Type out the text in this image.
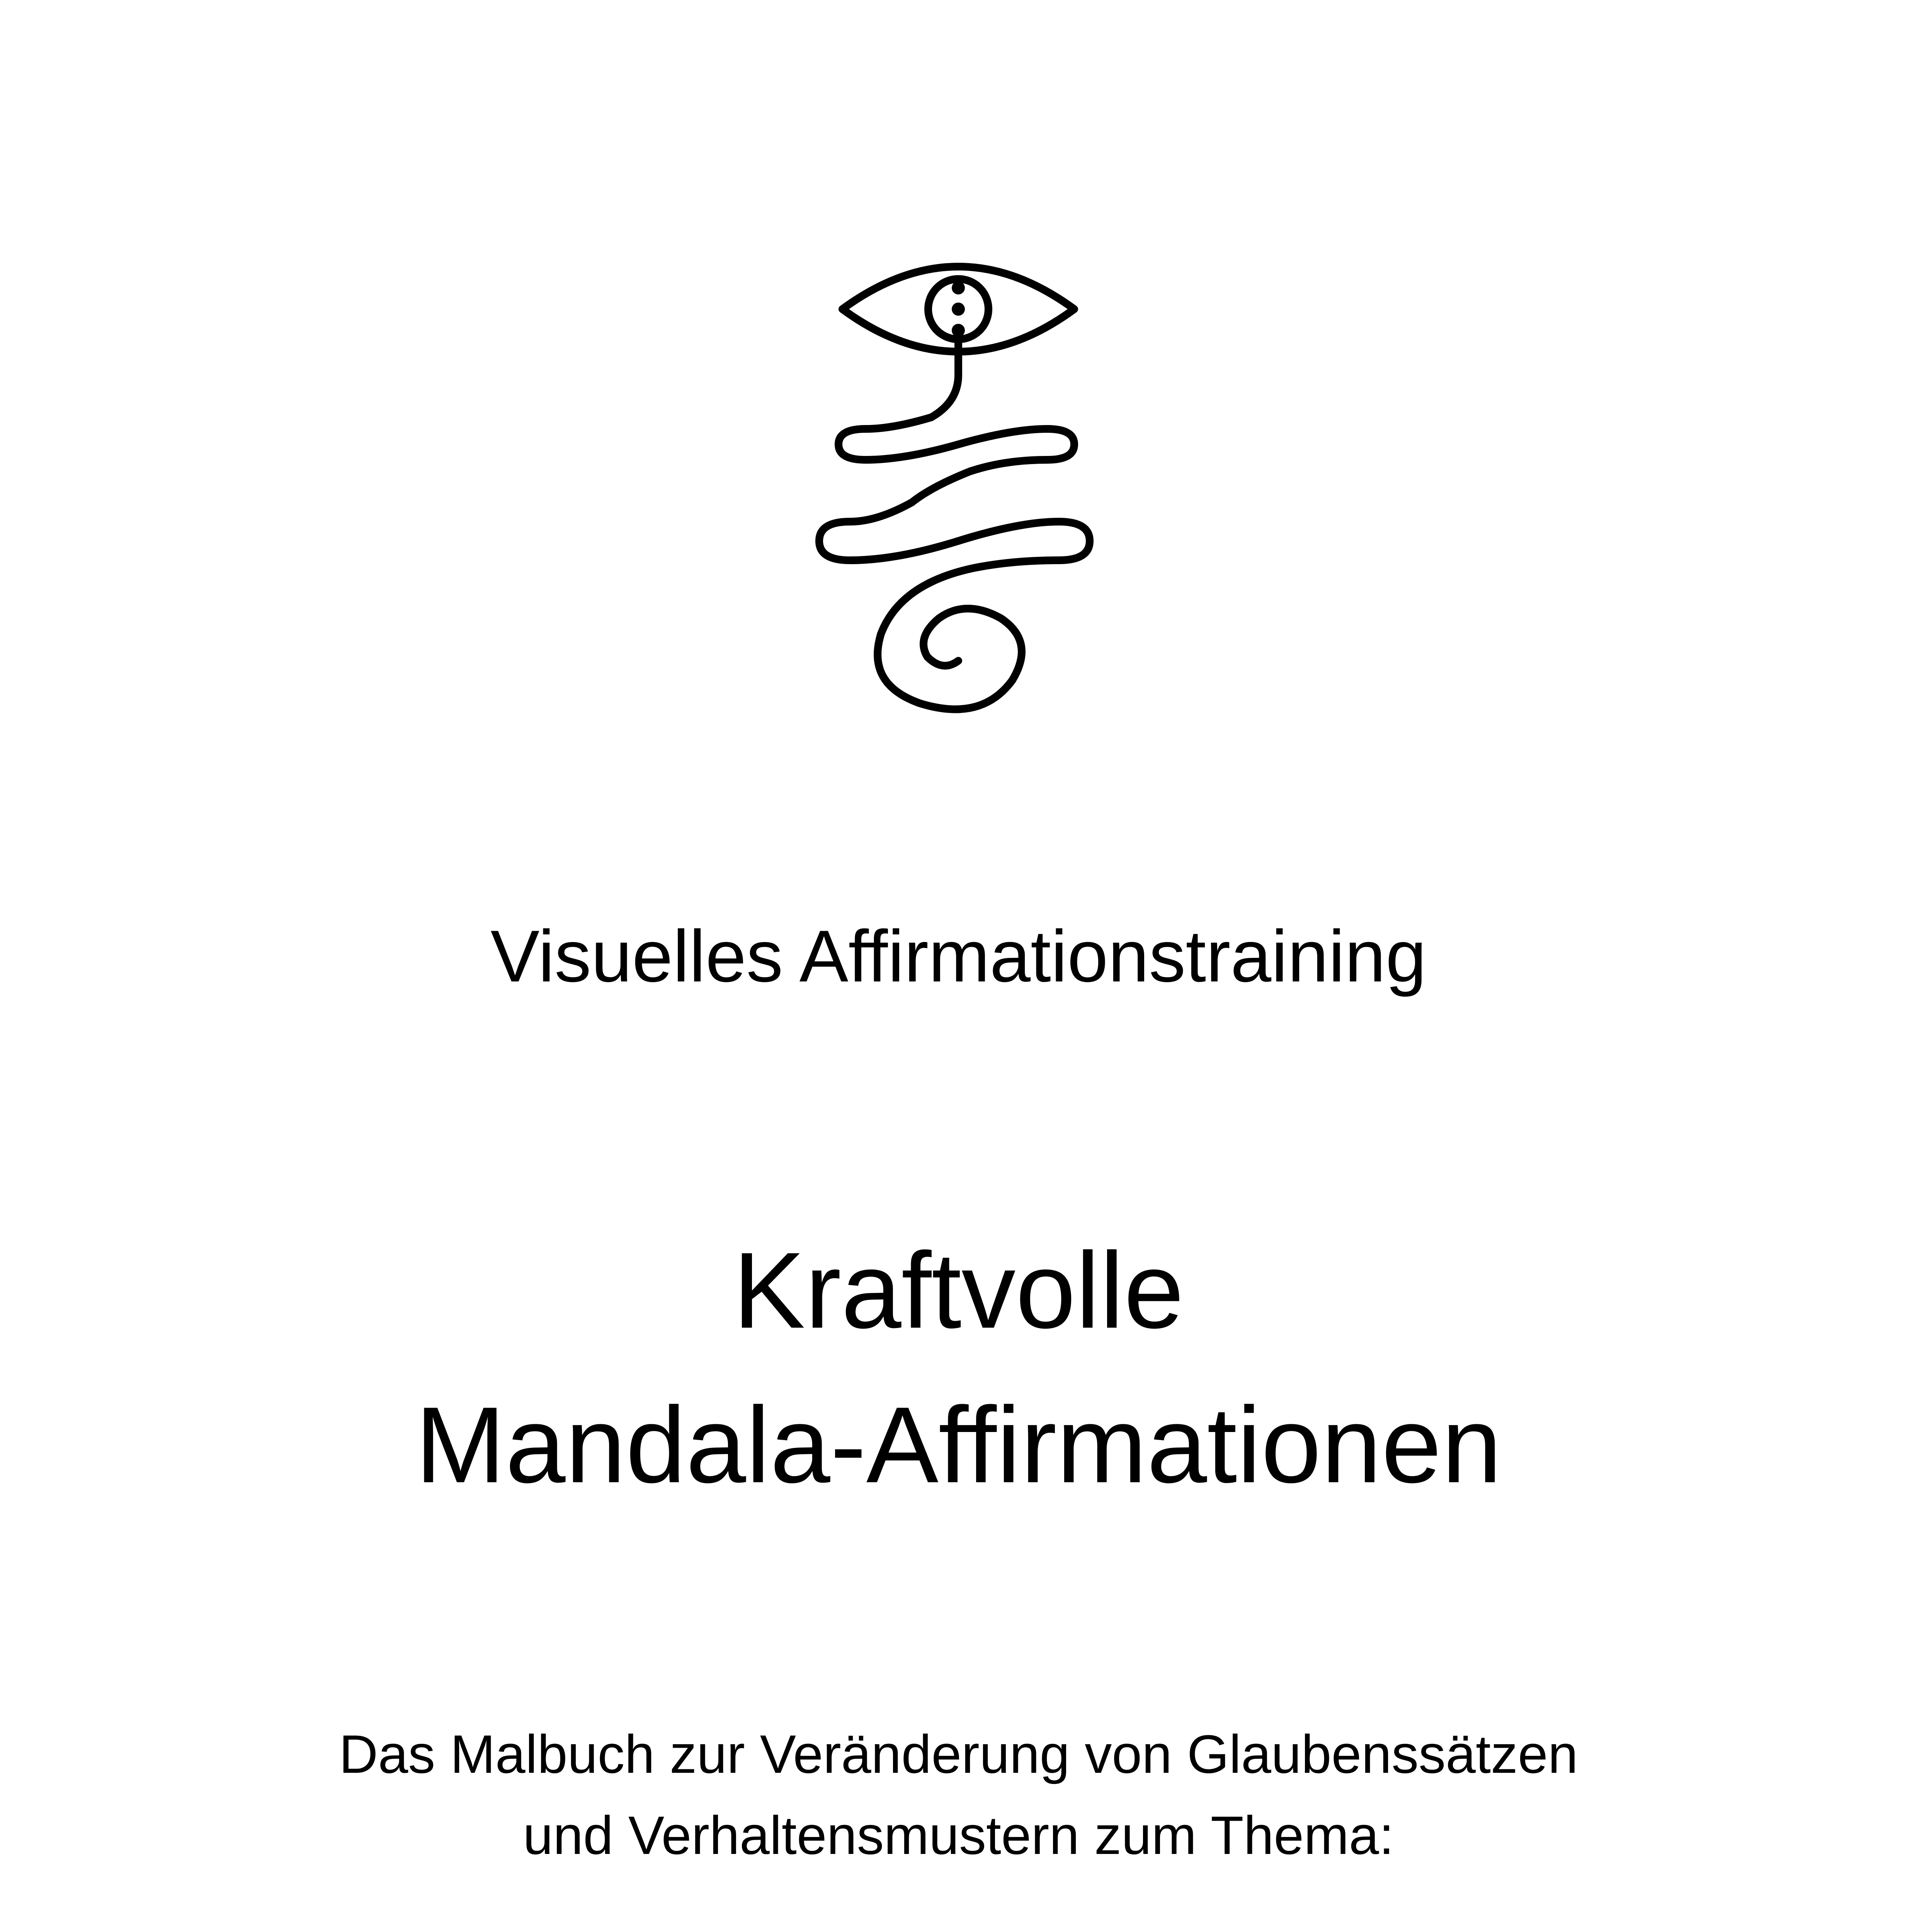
Visuelles Affirmationstraining
Kraftvolle
Mandala-Affirmationen
Das Malbuch zur Veränderung von Glaubenssätzen
und Verhaltensmustern zum Thema:
